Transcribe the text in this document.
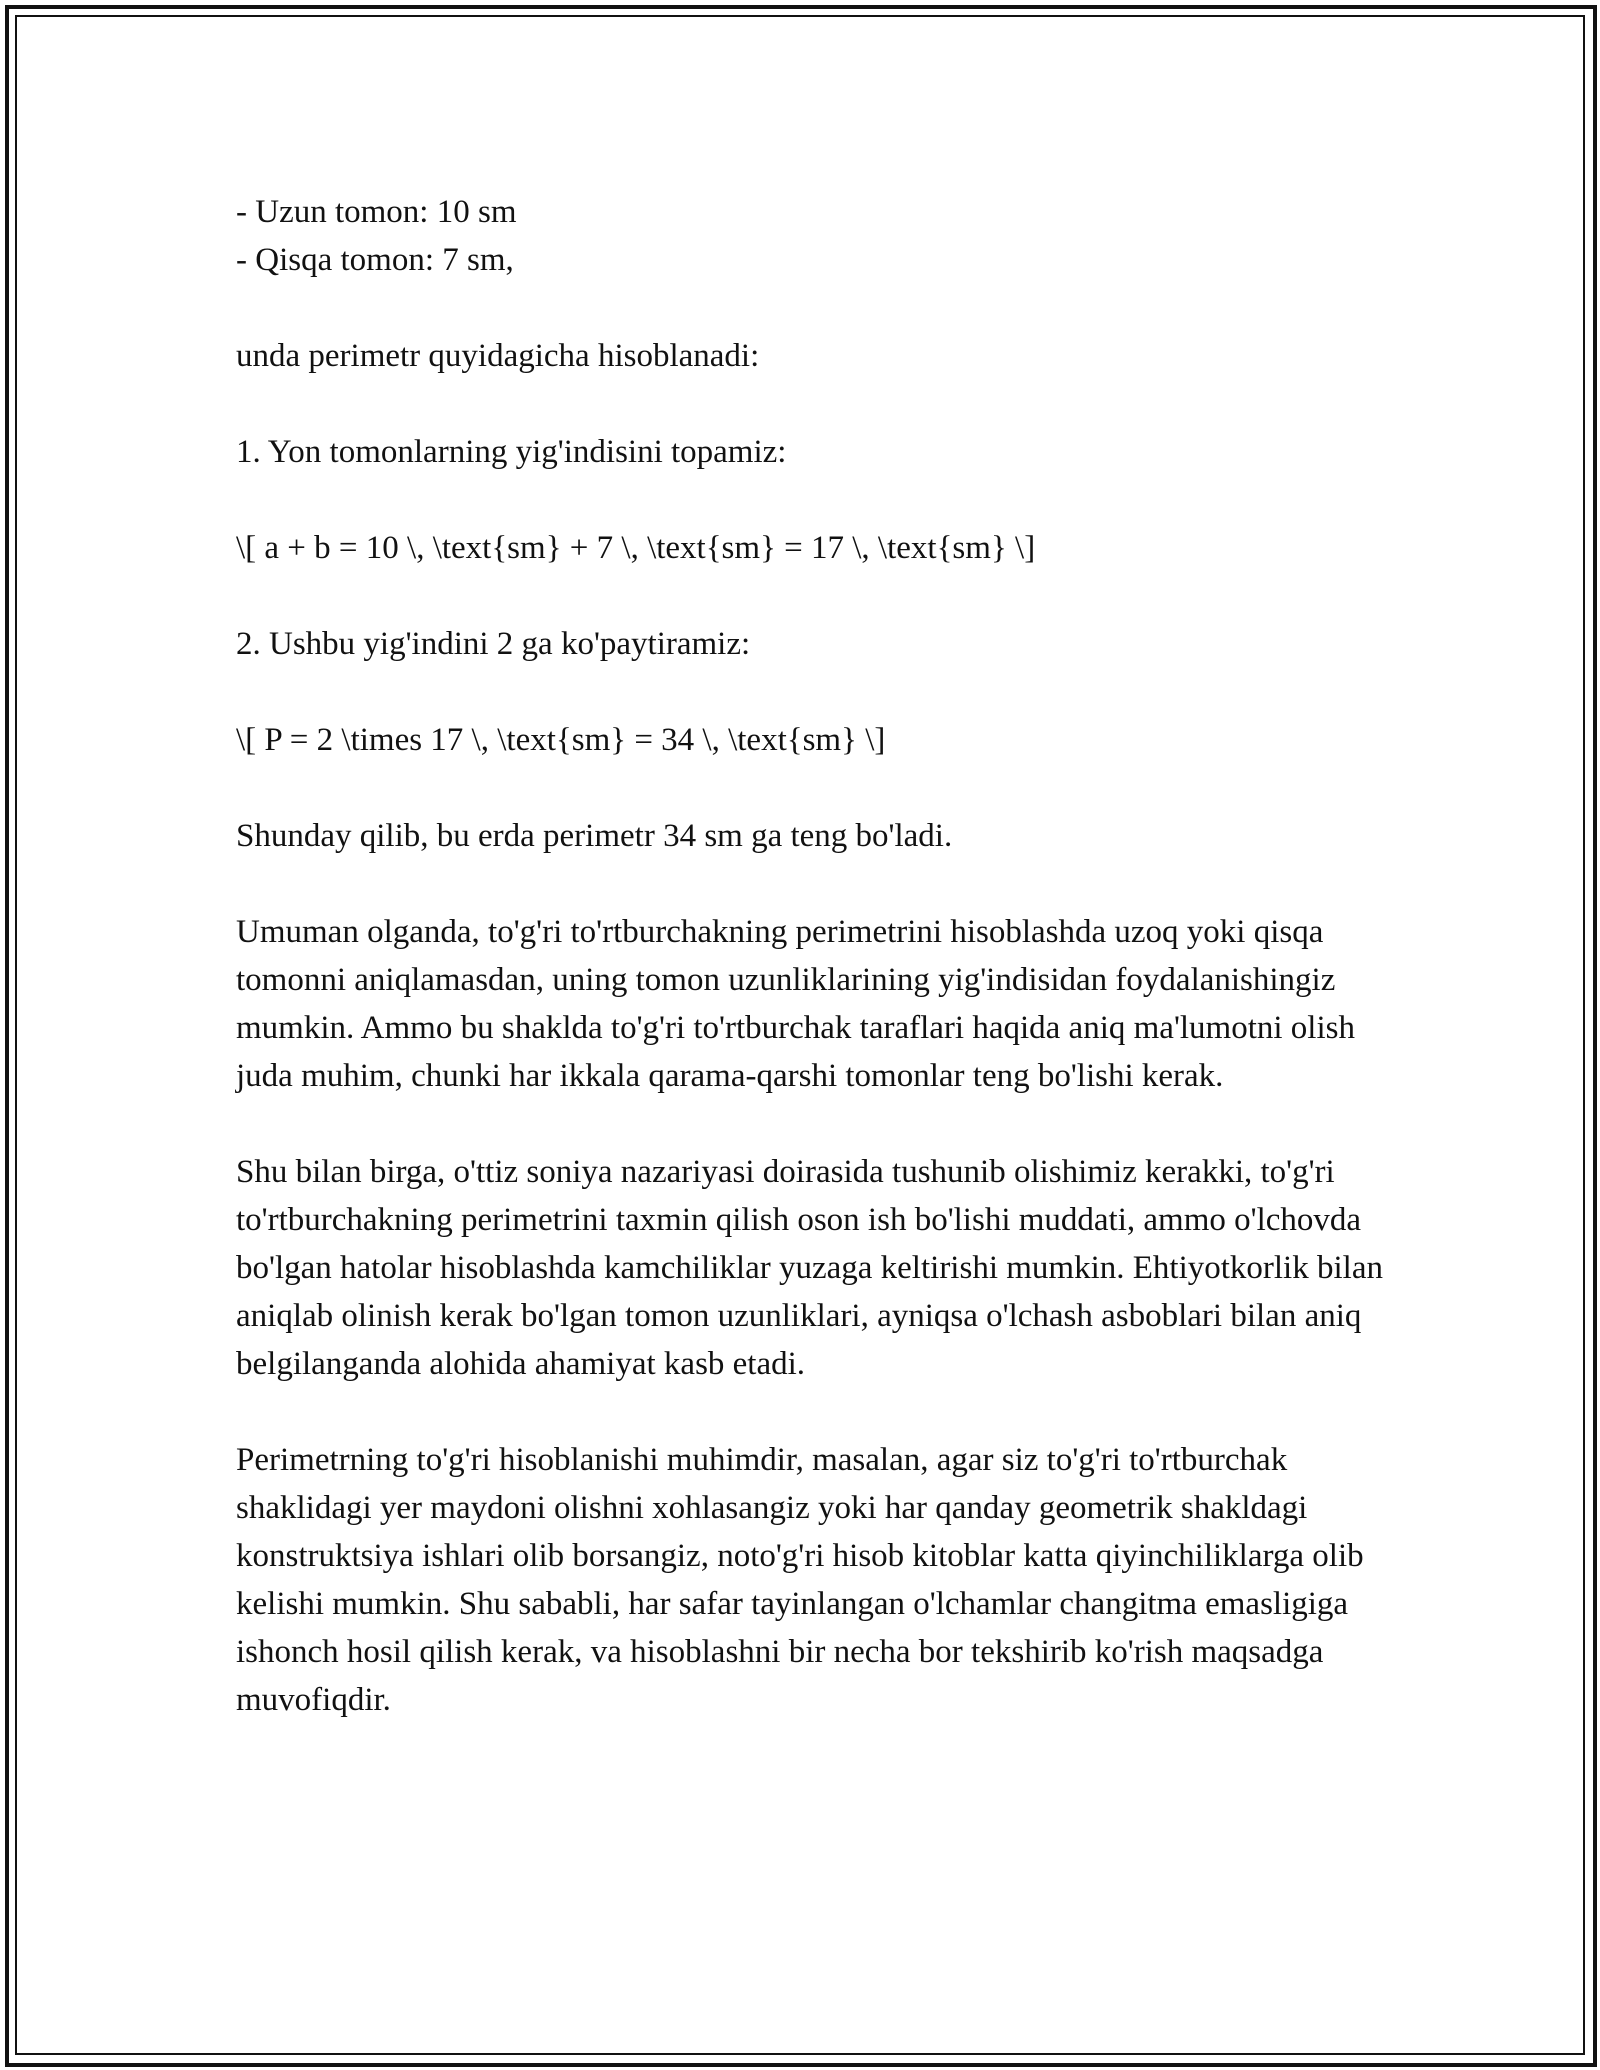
- Uzun tomon: 10 sm

- Qisqa tomon: 7 sm,

unda perimetr quyidagicha hisoblanadi:

1. Yon tomonlarning yig'indisini topamiz:

\[ a + b = 10 \, \text{sm} + 7 \, \text{sm} = 17 \, \text{sm} \]

2. Ushbu yig'indini 2 ga ko'paytiramiz:

\[ P = 2 \times 17 \, \text{sm} = 34 \, \text{sm} \]

Shunday qilib, bu erda perimetr 34 sm ga teng bo'ladi.

Umuman olganda, to'g'ri to'rtburchakning perimetrini hisoblashda uzoq yoki qisqa tomonni aniqlamasdan, uning tomon uzunliklarining yig'indisidan foydalanishingiz mumkin. Ammo bu shaklda to'g'ri to'rtburchak taraflari haqida aniq ma'lumotni olish juda muhim, chunki har ikkala qarama-qarshi tomonlar teng bo'lishi kerak.

Shu bilan birga, o'ttiz soniya nazariyasi doirasida tushunib olishimiz kerakki, to'g'ri to'rtburchakning perimetrini taxmin qilish oson ish bo'lishi muddati, ammo o'lchovda bo'lgan hatolar hisoblashda kamchiliklar yuzaga keltirishi mumkin. Ehtiyotkorlik bilan aniqlab olinish kerak bo'lgan tomon uzunliklari, ayniqsa o'lchash asboblari bilan aniq belgilanganda alohida ahamiyat kasb etadi.

Perimetrning to'g'ri hisoblanishi muhimdir, masalan, agar siz to'g'ri to'rtburchak shaklidagi yer maydoni olishni xohlasangiz yoki har qanday geometrik shakldagi konstruktsiya ishlari olib borsangiz, noto'g'ri hisob kitoblar katta qiyinchiliklarga olib kelishi mumkin. Shu sababli, har safar tayinlangan o'lchamlar changitma emasligiga ishonch hosil qilish kerak, va hisoblashni bir necha bor tekshirib ko'rish maqsadga muvofiqdir.
